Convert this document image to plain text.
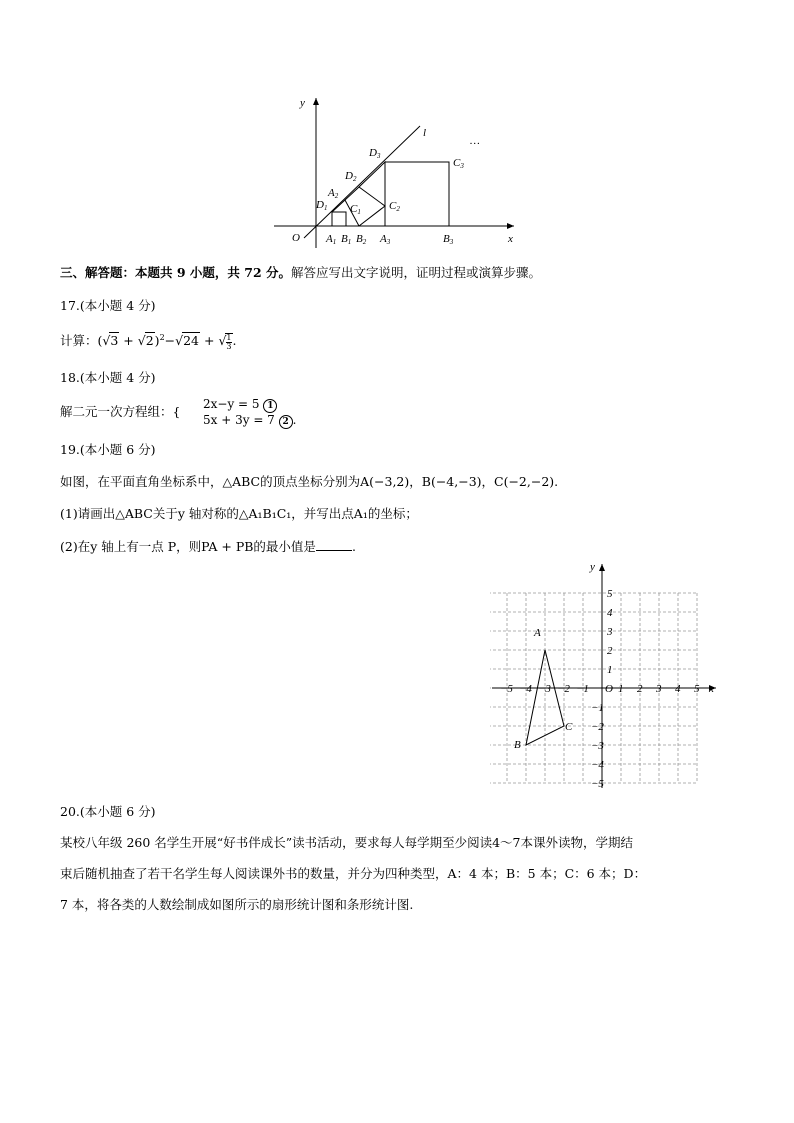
y
x
O
l
…
A1 B1 B2 A3	B3
D1
A2
C1
D2
C2
D3
C3
三、解答题：本题共 9 小题，共 72 分。解答应写出文字说明，证明过程或演算步骤。
17.(本小题 4 分)
计算：$(√3 + √2)^2-√24$ + √ $\frac{1}{3}$ .
18.(本小题 4 分)
解二元一次方程组：{ 2x−y = 5 1
5x + 3y = 7 2 .
19.(本小题 6 分)
如图，在平面直角坐标系中，△ABC的顶点坐标分别为A(−3,2)，B(−4,−3)，C(−2,−2).
(1)请画出△ABC关于y 轴对称的△A₁B₁C₁，并写出点A₁的坐标；
(2)在y 轴上有一点 P，则PA + PB的最小值是	.
−5 −4 −3 −2 −1	1 2 3 4 5
5
4
3
2
1
−1
−2
−3
−4
−5
x
y
O
A
B
C
20.(本小题 6 分)
某校八年级 260 名学生开展“好书伴成长”读书活动，要求每人每学期至少阅读4～7本课外读物，学期结
束后随机抽查了若干名学生每人阅读课外书的数量，并分为四种类型，A：4 本；B：5 本；C：6 本；D：
7 本，将各类的人数绘制成如图所示的扇形统计图和条形统计图.
